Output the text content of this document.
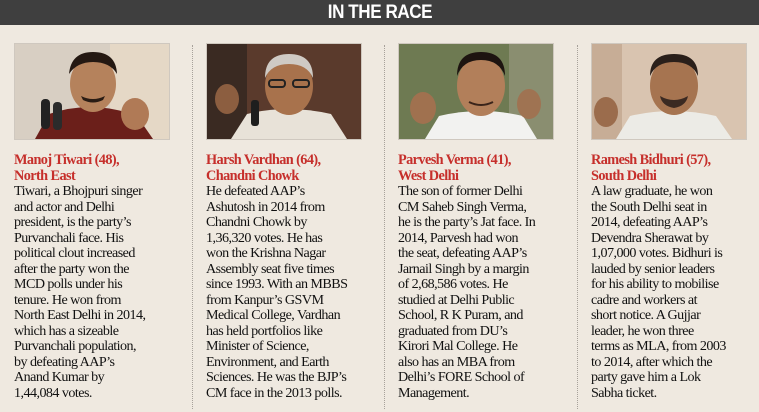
IN THE RACE
Manoj Tiwari (48),
North East
Tiwari, a Bhojpuri singer
and actor and Delhi
president, is the party’s
Purvanchali face. His
political clout increased
after the party won the
MCD polls under his
tenure. He won from
North East Delhi in 2014,
which has a sizeable
Purvanchali population,
by defeating AAP’s
Anand Kumar by
1,44,084 votes.
Harsh Vardhan (64),
Chandni Chowk
He defeated AAP’s
Ashutosh in 2014 from
Chandni Chowk by
1,36,320 votes. He has
won the Krishna Nagar
Assembly seat five times
since 1993. With an MBBS
from Kanpur’s GSVM
Medical College, Vardhan
has held portfolios like
Minister of Science,
Environment, and Earth
Sciences. He was the BJP’s
CM face in the 2013 polls.
Parvesh Verma (41),
West Delhi
The son of former Delhi
CM Saheb Singh Verma,
he is the party’s Jat face. In
2014, Parvesh had won
the seat, defeating AAP’s
Jarnail Singh by a margin
of 2,68,586 votes. He
studied at Delhi Public
School, R K Puram, and
graduated from DU’s
Kirori Mal College. He
also has an MBA from
Delhi’s FORE School of
Management.
Ramesh Bidhuri (57),
South Delhi
A law graduate, he won
the South Delhi seat in
2014, defeating AAP’s
Devendra Sherawat by
1,07,000 votes. Bidhuri is
lauded by senior leaders
for his ability to mobilise
cadre and workers at
short notice. A Gujjar
leader, he won three
terms as MLA, from 2003
to 2014, after which the
party gave him a Lok
Sabha ticket.
